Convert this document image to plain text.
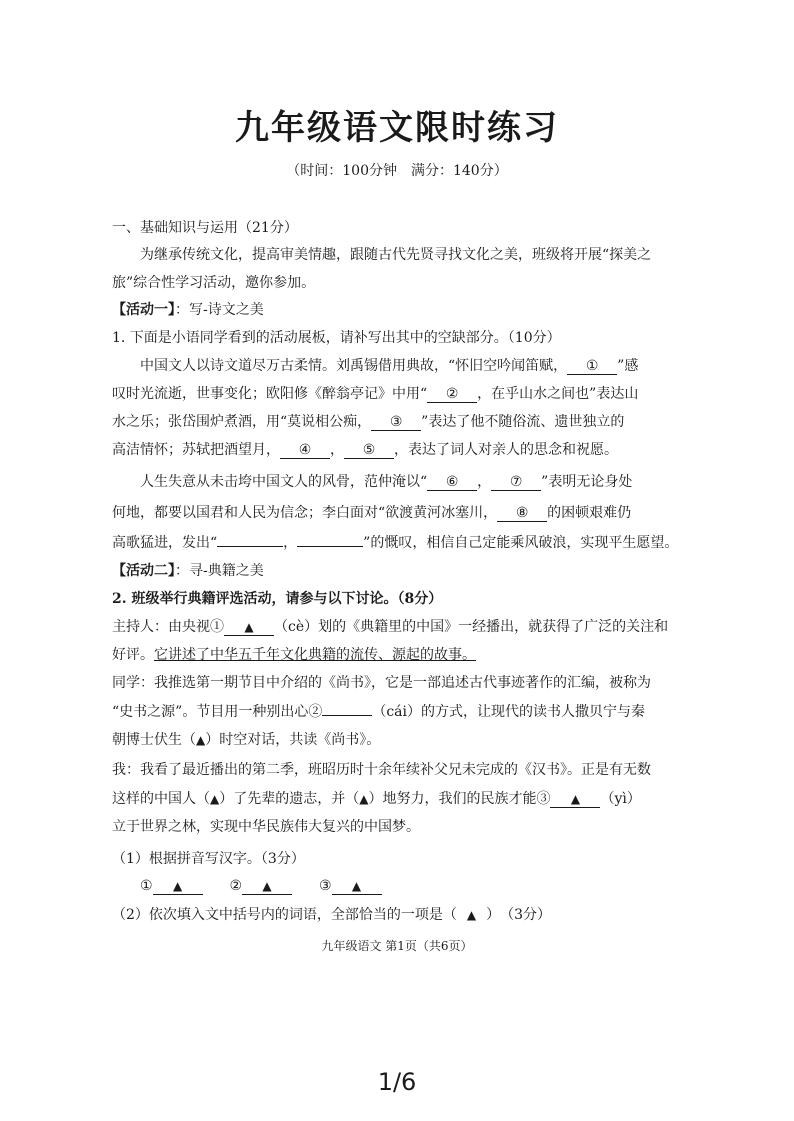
九年级语文限时练习
（时间：100分钟　满分：140分）
一、基础知识与运用（21分）
为继承传统文化，提高审美情趣，跟随古代先贤寻找文化之美，班级将开展“探美之
旅”综合性学习活动，邀你参加。
【活动一】：写-诗文之美
1. 下面是小语同学看到的活动展板，请补写出其中的空缺部分。（10分）
中国文人以诗文道尽万古柔情。刘禹锡借用典故，“怀旧空吟闻笛赋， ① ”感
叹时光流逝，世事变化；欧阳修《醉翁亭记》中用“ ② ，在乎山水之间也”表达山
水之乐；张岱围炉煮酒，用“莫说相公痴， ③ ”表达了他不随俗流、遗世独立的
高洁情怀；苏轼把酒望月， ④ ， ⑤ ，表达了词人对亲人的思念和祝愿。
人生失意从未击垮中国文人的风骨，范仲淹以“ ⑥ ， ⑦ ”表明无论身处
何地，都要以国君和人民为信念；李白面对“欲渡黄河冰塞川， ⑧ 的困顿艰难仍
高歌猛进，发出“	，	”的慨叹，相信自己定能乘风破浪，实现平生愿望。
【活动二】：寻-典籍之美
2. 班级举行典籍评选活动，请参与以下讨论。（8分）
主持人：由央视① ▲ （cè）划的《典籍里的中国》一经播出，就获得了广泛的关注和
好评。它讲述了中华五千年文化典籍的流传、源起的故事。
同学：我推选第一期节目中介绍的《尚书》，它是一部追述古代事迹著作的汇编，被称为
“史书之源”。节目用一种别出心②	（cái）的方式，让现代的读书人撒贝宁与秦
朝博士伏生（▲）时空对话，共读《尚书》。
我：我看了最近播出的第二季，班昭历时十余年续补父兄未完成的《汉书》。正是有无数
这样的中国人（▲）了先辈的遗志，并（▲）地努力，我们的民族才能③ ▲ （yì）
立于世界之林，实现中华民族伟大复兴的中国梦。
（1）根据拼音写汉字。（3分）
① ▲	② ▲	③ ▲
（2）依次填入文中括号内的词语，全部恰当的一项是（ ▲ ）　（3分）
九年级语文 第1页（共6页）
1/6
